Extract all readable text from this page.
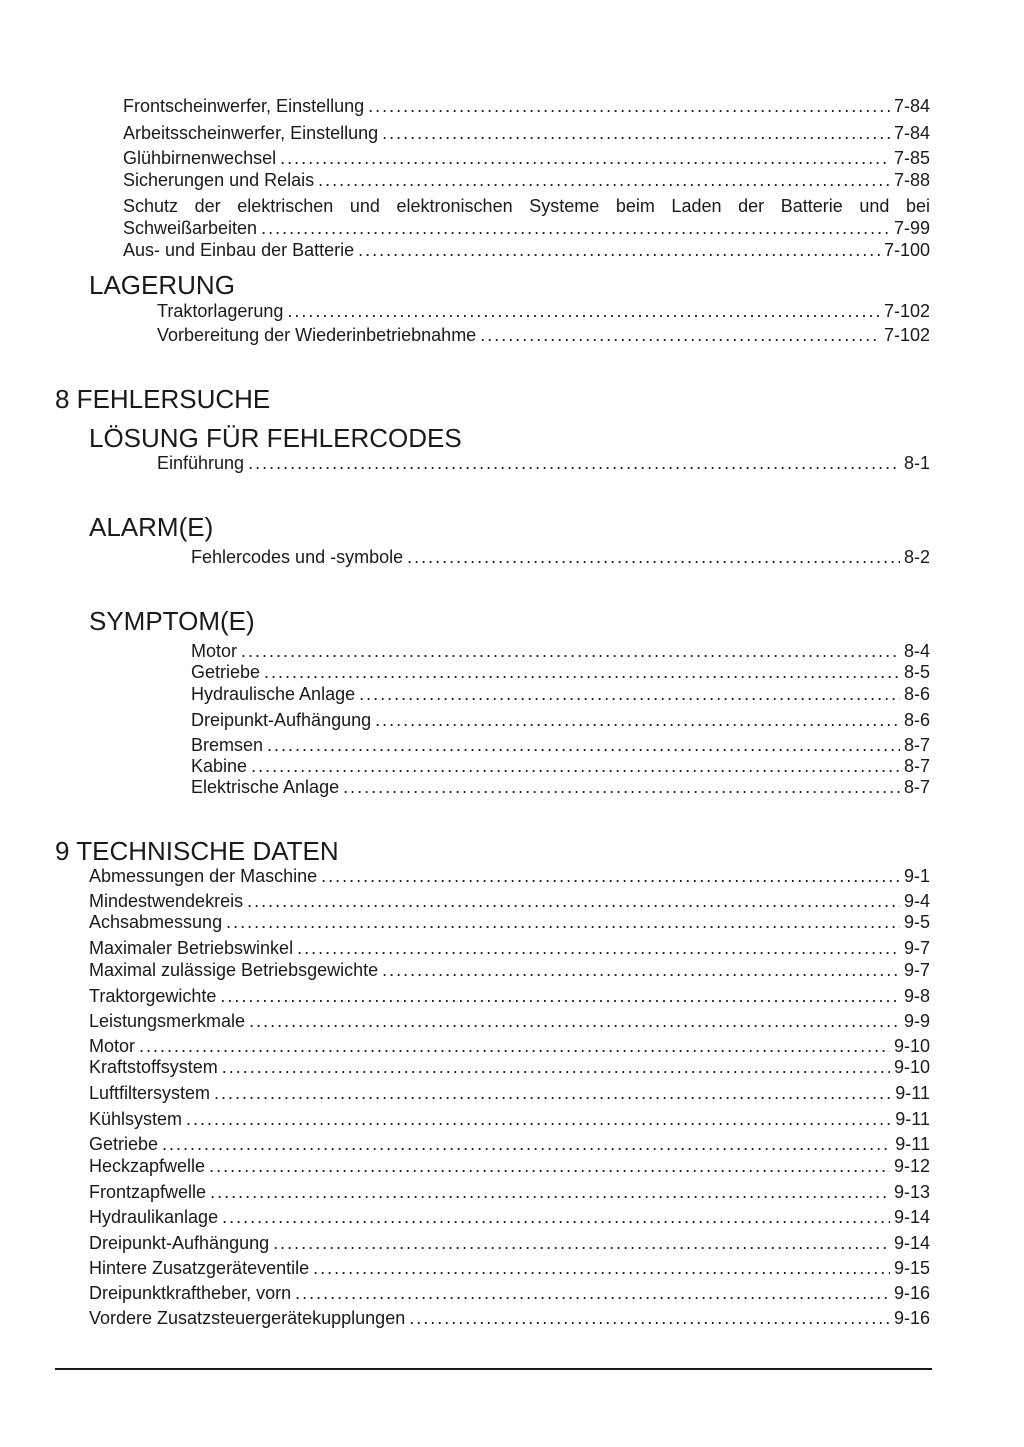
Frontscheinwerfer, Einstellung .....	7-84
Arbeitsscheinwerfer, Einstellung .....	7-84
Glühbirnenwechsel .....	7-85
Sicherungen und Relais .....	7-88
Schutz der elektrischen und elektronischen Systeme beim Laden der Batterie und bei
Schweißarbeiten .....	7-99
Aus- und Einbau der Batterie .....	7-100
LAGERUNG
Traktorlagerung .....	7-102
Vorbereitung der Wiederinbetriebnahme .....	7-102
8 FEHLERSUCHE
LÖSUNG FÜR FEHLERCODES
Einführung .....	8-1
ALARM(E)
Fehlercodes und -symbole .....	8-2
SYMPTOM(E)
Motor .....	8-4
Getriebe .....	8-5
Hydraulische Anlage .....	8-6
Dreipunkt-Aufhängung .....	8-6
Bremsen .....	8-7
Kabine .....	8-7
Elektrische Anlage .....	8-7
9 TECHNISCHE DATEN
Abmessungen der Maschine .....	9-1
Mindestwendekreis .....	9-4
Achsabmessung .....	9-5
Maximaler Betriebswinkel .....	9-7
Maximal zulässige Betriebsgewichte .....	9-7
Traktorgewichte .....	9-8
Leistungsmerkmale .....	9-9
Motor .....	9-10
Kraftstoffsystem .....	9-10
Luftfiltersystem .....	9-11
Kühlsystem .....	9-11
Getriebe .....	9-11
Heckzapfwelle .....	9-12
Frontzapfwelle .....	9-13
Hydraulikanlage .....	9-14
Dreipunkt-Aufhängung .....	9-14
Hintere Zusatzgeräteventile .....	9-15
Dreipunktkraftheber, vorn .....	9-16
Vordere Zusatzsteuergerätekupplungen .....	9-16
